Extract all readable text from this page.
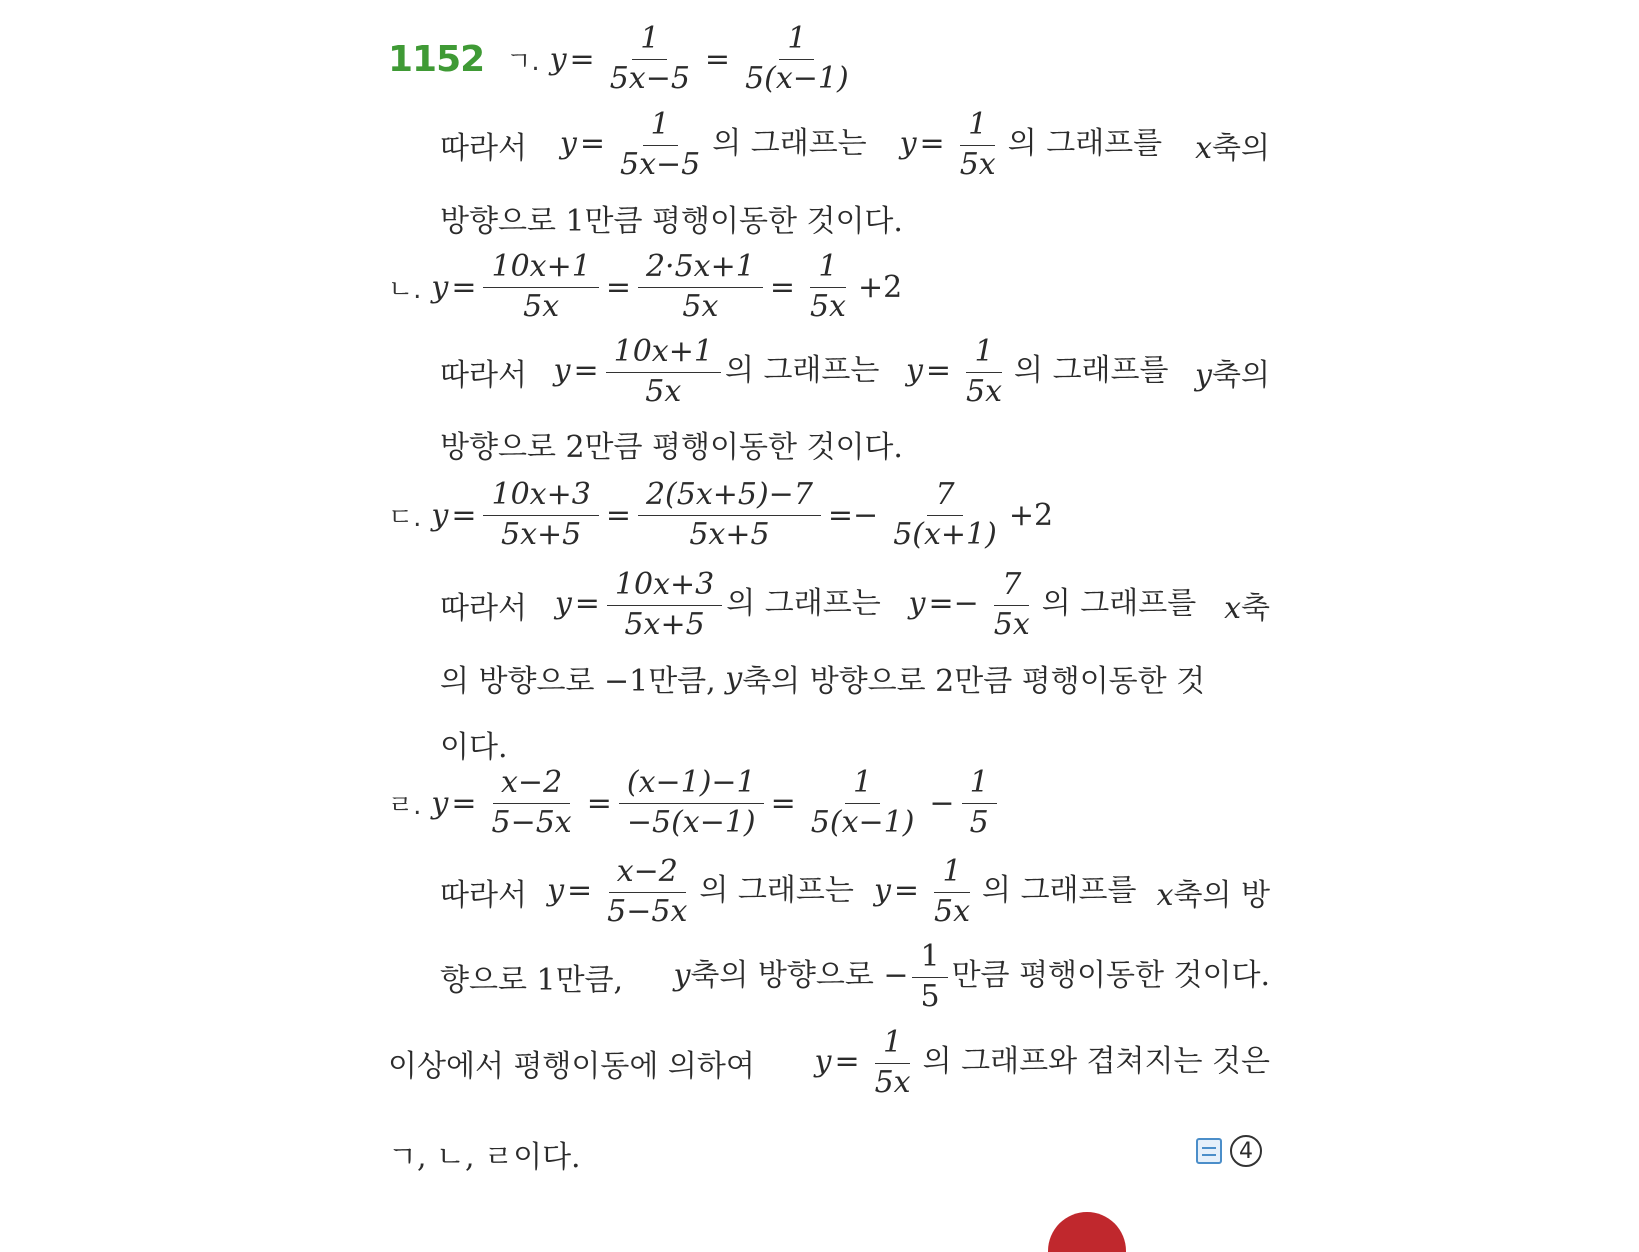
1152 ㄱ. $y = \frac{1}{5x-5} = \frac{1}{5(x-1)}$
따라서 $y = \frac{1}{5x-5}$ 의 그래프는 $y = \frac{1}{5x}$ 의 그래프를 x축의
방향으로 1만큼 평행이동한 것이다.
ㄴ. $y = \frac{10x+1}{5x} = \frac{2\cdot 5x+1}{5x} = \frac{1}{5x} +2$
따라서 $y = \frac{10x+1}{5x}$ 의 그래프는 $y = \frac{1}{5x}$ 의 그래프를 y축의
방향으로 2만큼 평행이동한 것이다.
ㄷ. $y = \frac{10x+3}{5x+5} = \frac{2(5x+5)-7}{5x+5} =- \frac{7}{5(x+1)} +2$
따라서 $y = \frac{10x+3}{5x+5}$ 의 그래프는 $y =- \frac{7}{5x}$ 의 그래프를 x축
의 방향으로 −1만큼,
y 축의 방향으로 2만큼 평행이동한 것
이다.
ㄹ. $y = \frac{x-2}{5-5x} = \frac{(x-1)-1}{-5(x-1)} = \frac{1}{5(x-1)} - \frac{1}{5}$
따라서 $y = \frac{x-2}{5-5x}$ 의 그래프는 $y = \frac{1}{5x}$ 의 그래프를 x축의 방
향으로 1만큼, y축의 방향으로 − $\frac{1}{5}$ 만큼 평행이동한 것이다.
이상에서 평행이동에 의하여 $y = \frac{1}{5x}$ 의 그래프와 겹쳐지는 것은
ㄱ, ㄴ, ㄹ이다.	4
